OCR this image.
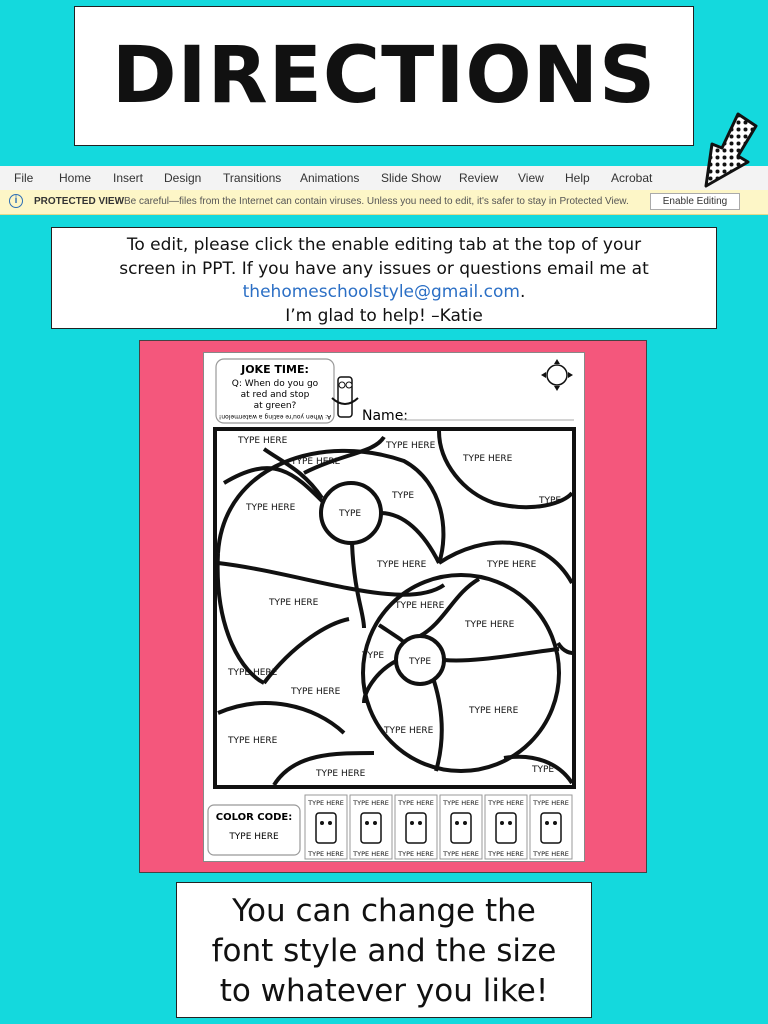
DIRECTIONS
File Home Insert Design Transitions Animations Slide Show Review View Help Acrobat
i	PROTECTED VIEW Be careful—files from the Internet can contain viruses. Unless you need to edit, it's safer to stay in Protected View.	Enable Editing
To edit, please click the enable editing tab at the top of your
screen in PPT. If you have any issues or questions email me at
thehomeschoolstyle@gmail.com.
I’m glad to help! –Katie
JOKE TIME:
Q: When do you go
at red and stop
at green?
A: When you're eating a watermelon! Name:
TYPE HERE	TYPE HERE
TYPE HERE	TYPE HERE
TYPE	TYPE
TYPE HERE
TYPE
TYPE HERE	TYPE HERE
TYPE HERE	TYPE HERE
TYPE HERE
TYPE
TYPE
TYPE HERE
TYPE HERE
TYPE HERE
TYPE HERE
TYPE HERE
TYPE HERE	TYPE
COLOR CODE:
TYPE HERE
TYPE HERE
TYPE HERE
TYPE HERE
TYPE HERE
TYPE HERE
TYPE HERE
TYPE HERE
TYPE HERE
TYPE HERE
TYPE HERE
TYPE HERE
TYPE HERE
You can change the
font style and the size
to whatever you like!
